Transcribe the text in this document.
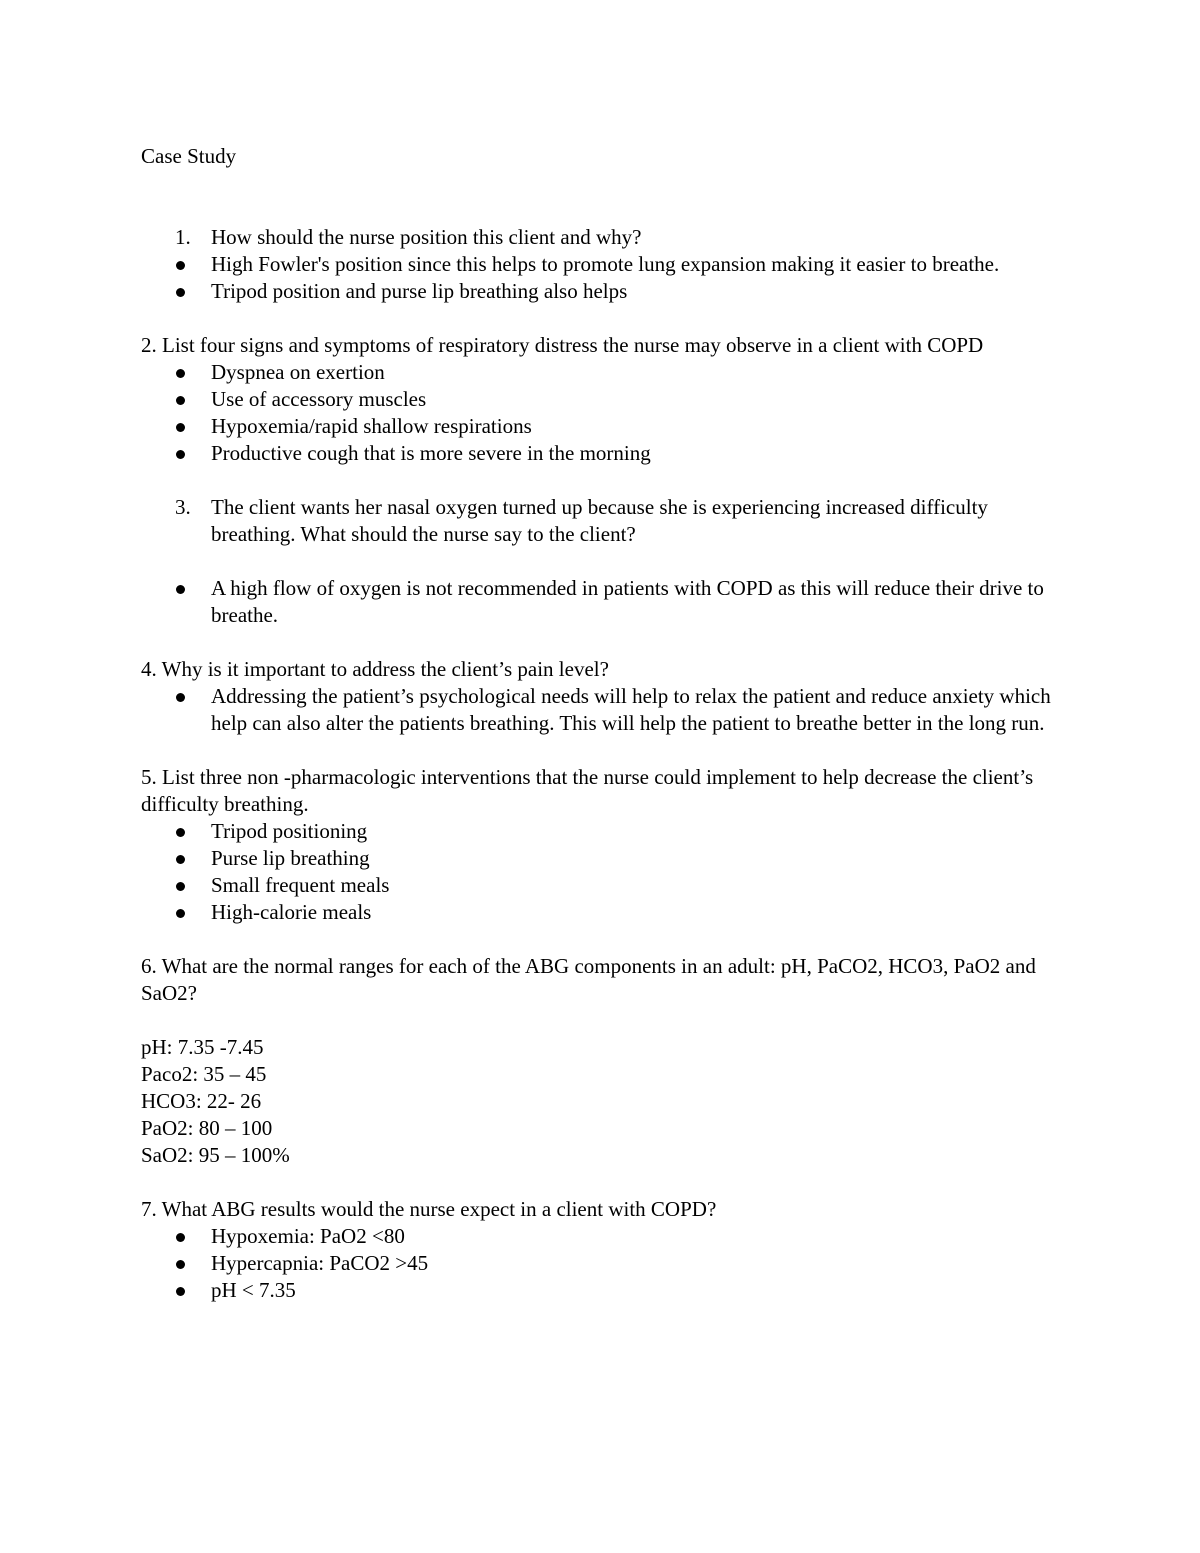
Case Study

1. How should the nurse position this client and why?
High Fowler's position since this helps to promote lung expansion making it easier to breathe.
Tripod position and purse lip breathing also helps

2. List four signs and symptoms of respiratory distress the nurse may observe in a client with COPD

Dyspnea on exertion
Use of accessory muscles
Hypoxemia/rapid shallow respirations
Productive cough that is more severe in the morning
3. The client wants her nasal oxygen turned up because she is experiencing increased difficulty breathing. What should the nurse say to the client?
A high flow of oxygen is not recommended in patients with COPD as this will reduce their drive to breathe.

4. Why is it important to address the client’s pain level?

Addressing the patient’s psychological needs will help to relax the patient and reduce anxiety which help can also alter the patients breathing. This will help the patient to breathe better in the long run.

5. List three non -pharmacologic interventions that the nurse could implement to help decrease the client’s difficulty breathing.

Tripod positioning
Purse lip breathing
Small frequent meals
High-calorie meals

6. What are the normal ranges for each of the ABG components in an adult: pH, PaCO2, HCO3, PaO2 and SaO2?

pH: 7.35 -7.45

Paco2: 35 – 45

HCO3: 22- 26

PaO2: 80 – 100

SaO2: 95 – 100%

7. What ABG results would the nurse expect in a client with COPD?

Hypoxemia: PaO2 <80
Hypercapnia: PaCO2 >45
pH < 7.35
